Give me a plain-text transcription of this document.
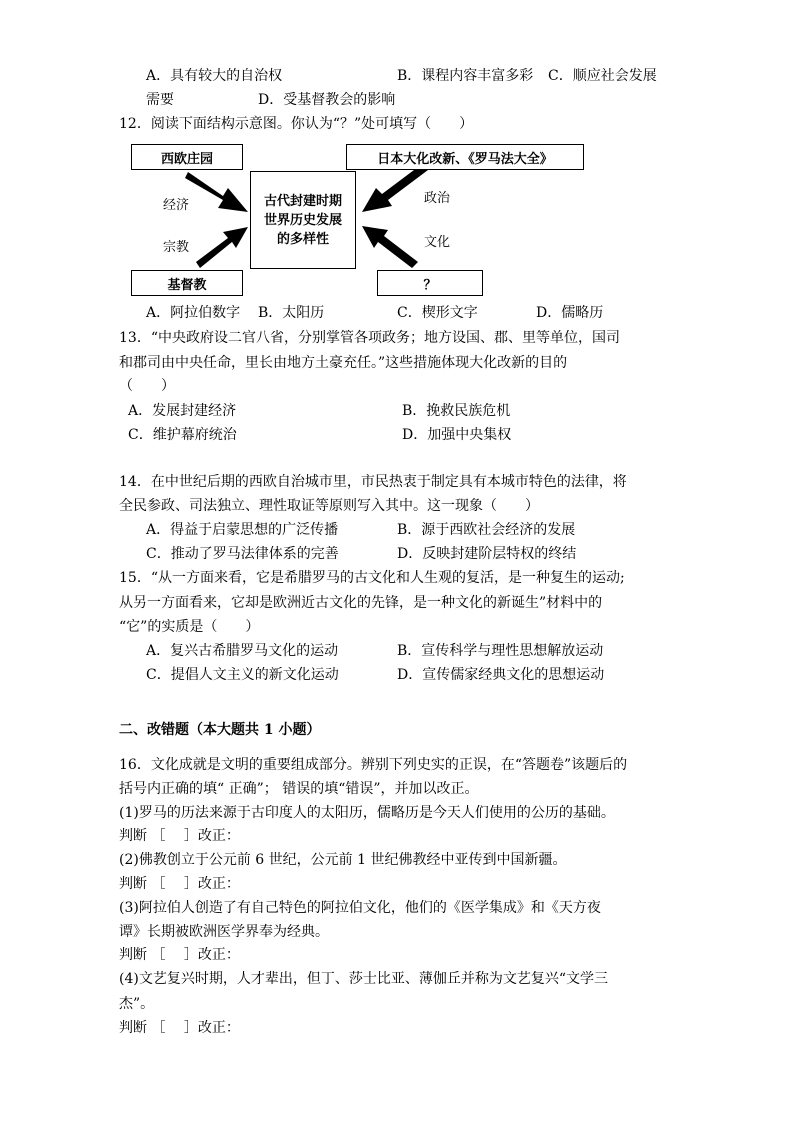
A．具有较大的自治权	B．课程内容丰富多彩 C．顺应社会发展
需要	D．受基督教会的影响
12．阅读下面结构示意图。你认为“？”处可填写（　　）
西欧庄园	日本大化改新、《罗马法大全》
古代封建时期
世界历史发展
的多样性
基督教	？
经济
宗教
政治
文化
A．阿拉伯数字 B．太阳历	C．楔形文字	D．儒略历
13．“中央政府设二官八省，分别掌管各项政务；地方设国、郡、里等单位，国司
和郡司由中央任命，里长由地方土豪充任。”这些措施体现大化改新的目的
（　　）
A．发展封建经济	B．挽救民族危机
C．维护幕府统治	D．加强中央集权
14．在中世纪后期的西欧自治城市里，市民热衷于制定具有本城市特色的法律，将
全民参政、司法独立、理性取证等原则写入其中。这一现象（　　）
A．得益于启蒙思想的广泛传播	B．源于西欧社会经济的发展
C．推动了罗马法律体系的完善	D．反映封建阶层特权的终结
15．“从一方面来看，它是希腊罗马的古文化和人生观的复活，是一种复生的运动;
从另一方面看来，它却是欧洲近古文化的先锋，是一种文化的新诞生”材料中的
“它”的实质是（　　）
A．复兴古希腊罗马文化的运动	B．宣传科学与理性思想解放运动
C．提倡人文主义的新文化运动	D．宣传儒家经典文化的思想运动
二、改错题（本大题共 1 小题）
16．文化成就是文明的重要组成部分。辨别下列史实的正误，在“答题卷”该题后的
括号内正确的填“ 正确”； 错误的填“错误”，并加以改正。
(1)罗马的历法来源于古印度人的太阳历，儒略历是今天人们使用的公历的基础。
判断 ［　 ］改正：
(2)佛教创立于公元前 6 世纪，公元前 1 世纪佛教经中亚传到中国新疆。
判断 ［　 ］改正：
(3)阿拉伯人创造了有自己特色的阿拉伯文化，他们的《医学集成》和《天方夜
谭》长期被欧洲医学界奉为经典。
判断 ［　 ］改正：
(4)文艺复兴时期，人才辈出，但丁、莎士比亚、薄伽丘并称为文艺复兴“文学三
杰”。
判断 ［　 ］改正：
